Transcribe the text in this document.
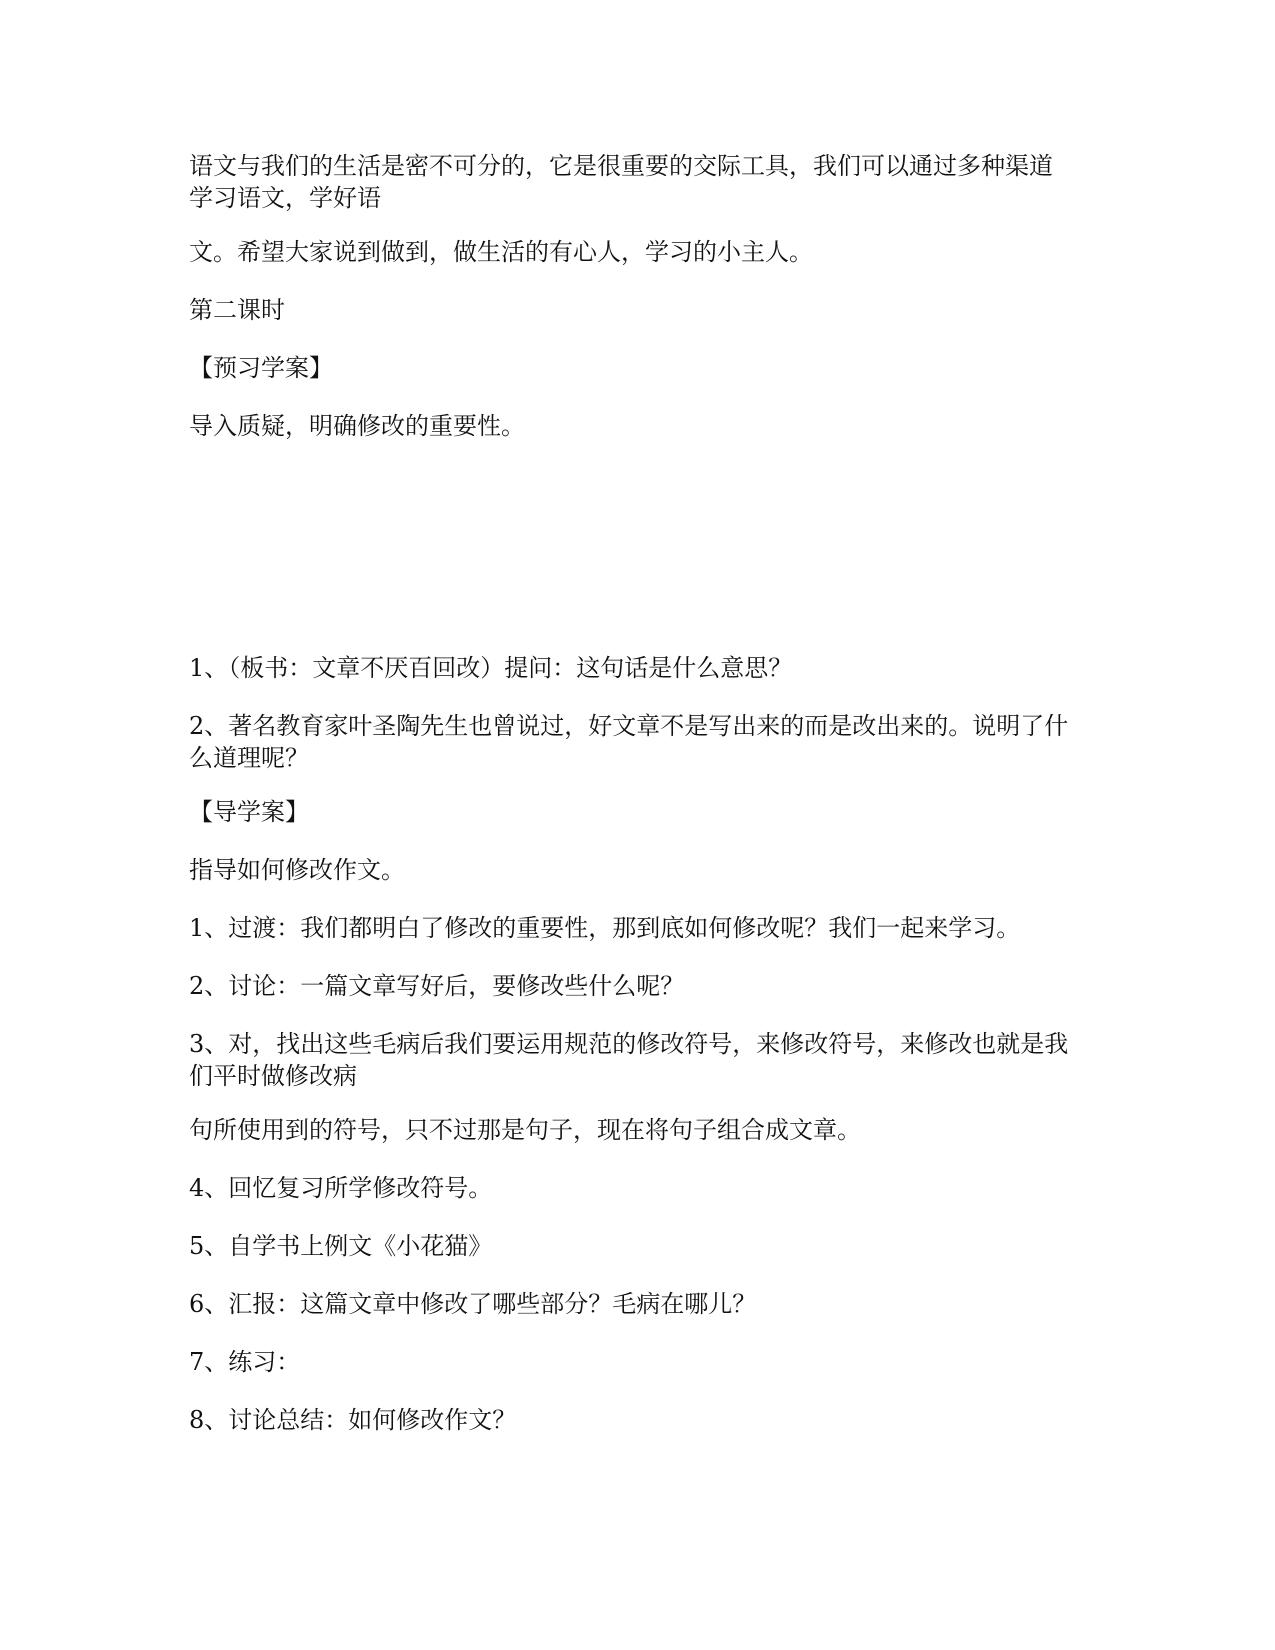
语文与我们的生活是密不可分的，它是很重要的交际工具，我们可以通过多种渠道
学习语文，学好语

文。希望大家说到做到，做生活的有心人，学习的小主人。

第二课时

【预习学案】

导入质疑，明确修改的重要性。

1、（板书：文章不厌百回改）提问：这句话是什么意思？

2、著名教育家叶圣陶先生也曾说过，好文章不是写出来的而是改出来的。说明了什
么道理呢？

【导学案】

指导如何修改作文。

1、过渡：我们都明白了修改的重要性，那到底如何修改呢？我们一起来学习。

2、讨论：一篇文章写好后，要修改些什么呢？

3、对，找出这些毛病后我们要运用规范的修改符号，来修改符号，来修改也就是我
们平时做修改病

句所使用到的符号，只不过那是句子，现在将句子组合成文章。

4、回忆复习所学修改符号。

5、自学书上例文《小花猫》

6、汇报：这篇文章中修改了哪些部分？毛病在哪儿？

7、练习：

8、讨论总结：如何修改作文？
